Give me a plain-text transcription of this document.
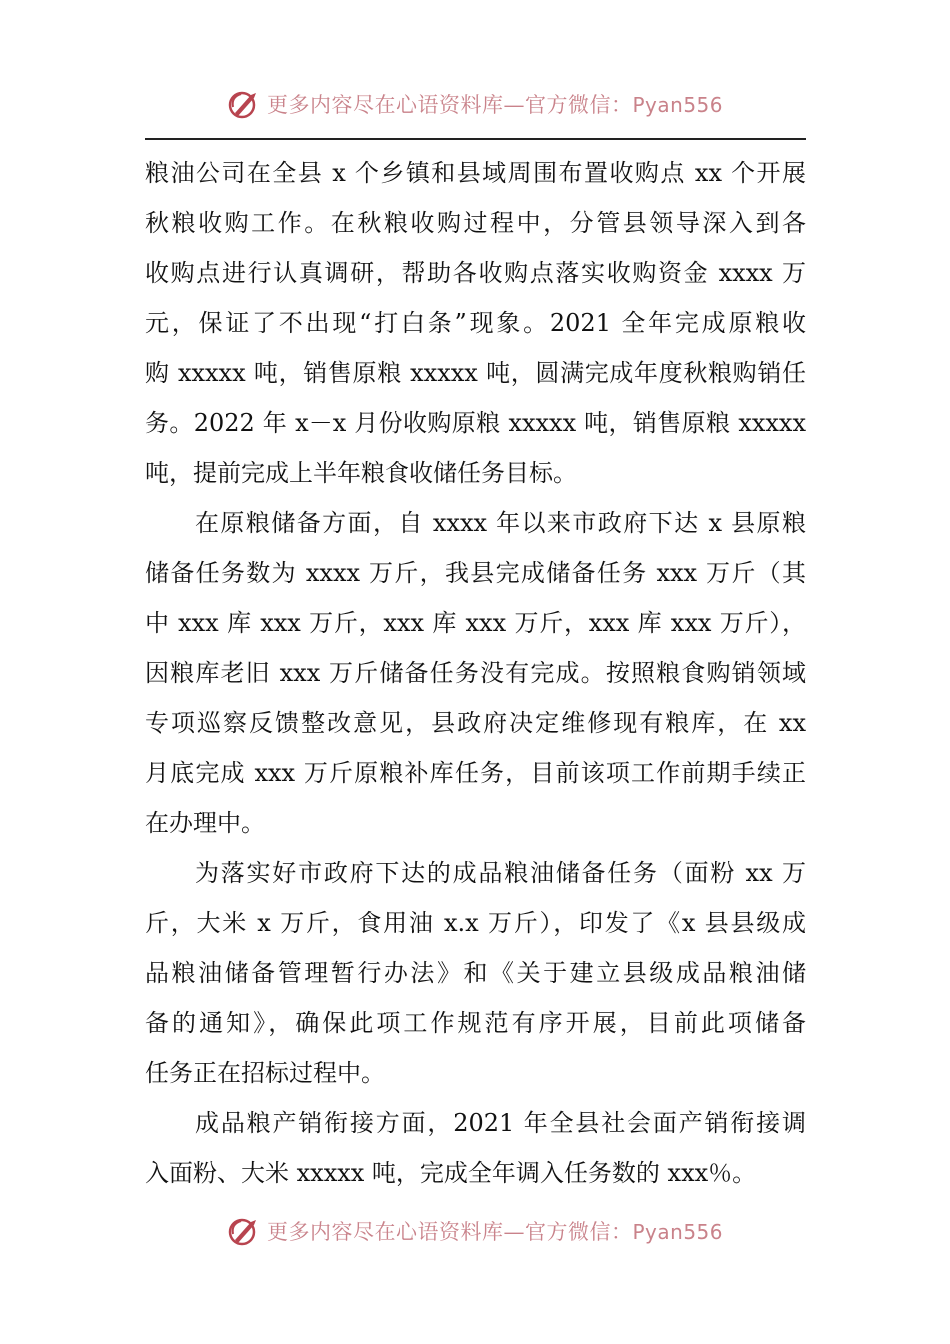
更多内容尽在心语资料库—官方微信：Pyan556
粮油公司在全县 x 个乡镇和县域周围布置收购点 xx 个开展
秋粮收购工作。在秋粮收购过程中，分管县领导深入到各
收购点进行认真调研，帮助各收购点落实收购资金 xxxx 万
元，保证了不出现“打白条”现象。2021 全年完成原粮收
购 xxxxx 吨，销售原粮 xxxxx 吨，圆满完成年度秋粮购销任
务。2022 年 x－x 月份收购原粮 xxxxx 吨，销售原粮 xxxxx
吨，提前完成上半年粮食收储任务目标。
在原粮储备方面，自 xxxx 年以来市政府下达 x 县原粮
储备任务数为 xxxx 万斤，我县完成储备任务 xxx 万斤（其
中 xxx 库 xxx 万斤，xxx 库 xxx 万斤，xxx 库 xxx 万斤），
因粮库老旧 xxx 万斤储备任务没有完成。按照粮食购销领域
专项巡察反馈整改意见，县政府决定维修现有粮库，在 xx
月底完成 xxx 万斤原粮补库任务，目前该项工作前期手续正
在办理中。
为落实好市政府下达的成品粮油储备任务（面粉 xx 万
斤，大米 x 万斤，食用油 x.x 万斤），印发了《x 县县级成
品粮油储备管理暂行办法》和《关于建立县级成品粮油储
备的通知》，确保此项工作规范有序开展，目前此项储备
任务正在招标过程中。
成品粮产销衔接方面，2021 年全县社会面产销衔接调
入面粉、大米 xxxxx 吨，完成全年调入任务数的 xxx％。
更多内容尽在心语资料库—官方微信：Pyan556
